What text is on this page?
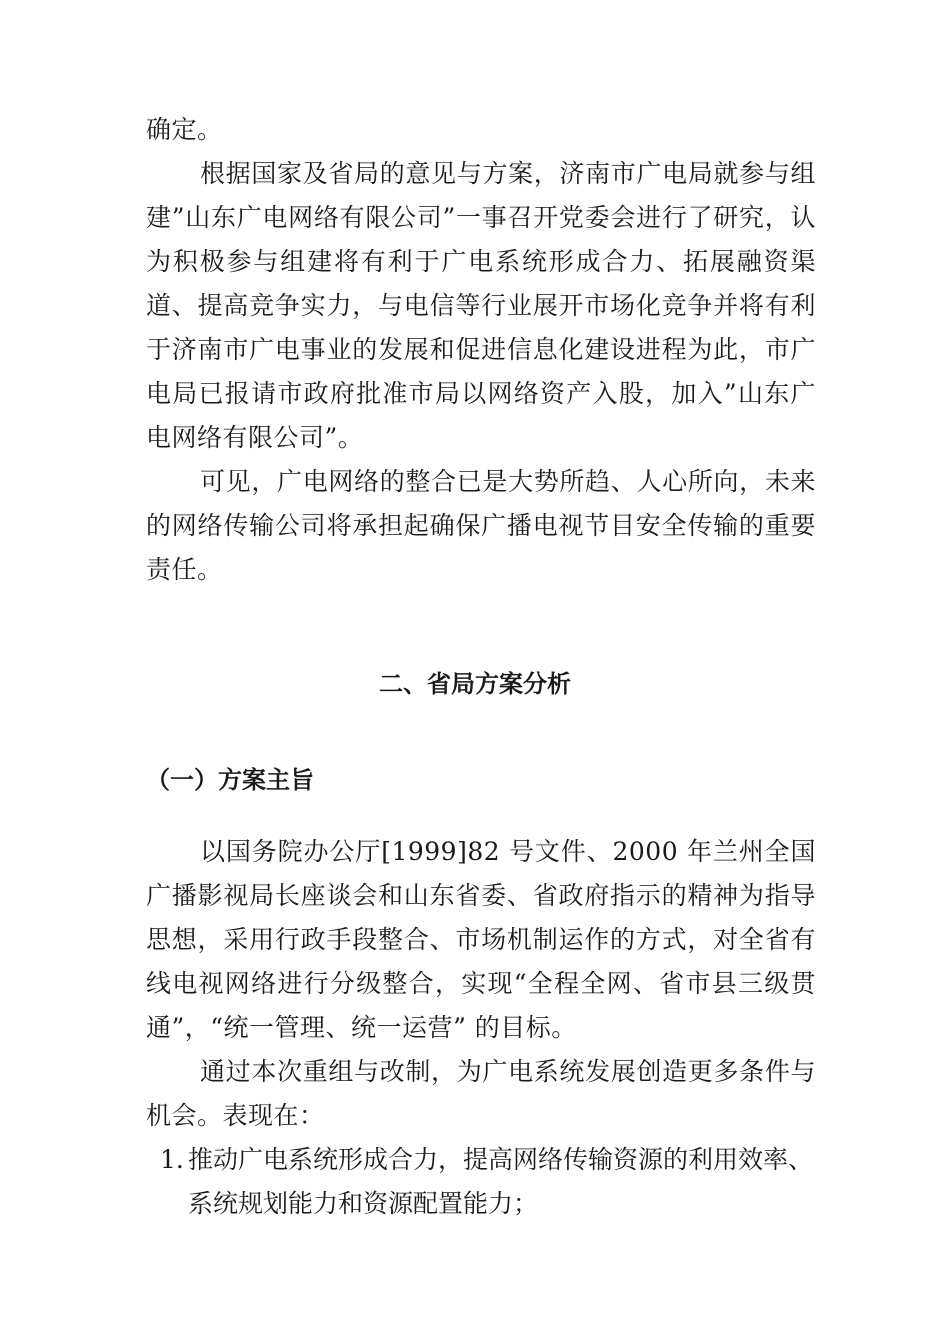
确定。

根据国家及省局的意见与方案，济南市广电局就参与组建”山东广电网络有限公司”一事召开党委会进行了研究，认为积极参与组建将有利于广电系统形成合力、拓展融资渠道、提高竞争实力，与电信等行业展开市场化竞争并将有利于济南市广电事业的发展和促进信息化建设进程为此，市广电局已报请市政府批准市局以网络资产入股，加入”山东广电网络有限公司”。

可见，广电网络的整合已是大势所趋、人心所向，未来的网络传输公司将承担起确保广播电视节目安全传输的重要责任。

二、省局方案分析
（一）方案主旨

以国务院办公厅[1999]82 号文件、2000 年兰州全国广播影视局长座谈会和山东省委、省政府指示的精神为指导思想，采用行政手段整合、市场机制运作的方式，对全省有线电视网络进行分级整合，实现“全程全网、省市县三级贯通”，“统一管理、统一运营” 的目标。

通过本次重组与改制，为广电系统发展创造更多条件与机会。表现在：

1. 推动广电系统形成合力，提高网络传输资源的利用效率、系统规划能力和资源配置能力；
